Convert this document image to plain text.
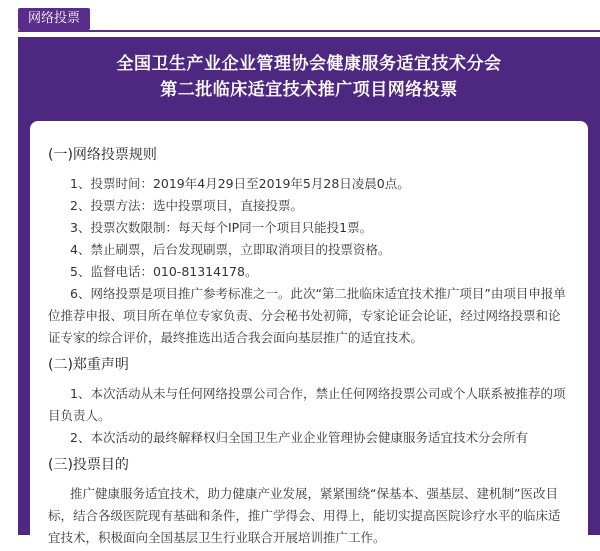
网络投票
全国卫生产业企业管理协会健康服务适宜技术分会
第二批临床适宜技术推广项目网络投票
(一)网络投票规则
1、投票时间：2019年4月29日至2019年5月28日凌晨0点。
2、投票方法：选中投票项目，直接投票。
3、投票次数限制：每天每个IP同一个项目只能投1票。
4、禁止刷票，后台发现刷票，立即取消项目的投票资格。
5、监督电话：010-81314178。
6、网络投票是项目推广参考标准之一。此次“第二批临床适宜技术推广项目”由项目申报单位推荐申报、项目所在单位专家负责、分会秘书处初筛，专家论证会论证，经过网络投票和论证专家的综合评价，最终推选出适合我会面向基层推广的适宜技术。
(二)郑重声明
1、本次活动从未与任何网络投票公司合作，禁止任何网络投票公司或个人联系被推荐的项目负责人。
2、本次活动的最终解释权归全国卫生产业企业管理协会健康服务适宜技术分会所有
(三)投票目的
推广健康服务适宜技术，助力健康产业发展，紧紧围绕“保基本、强基层、建机制”医改目标，结合各级医院现有基础和条件，推广学得会、用得上，能切实提高医院诊疗水平的临床适宜技术，积极面向全国基层卫生行业联合开展培训推广工作。
